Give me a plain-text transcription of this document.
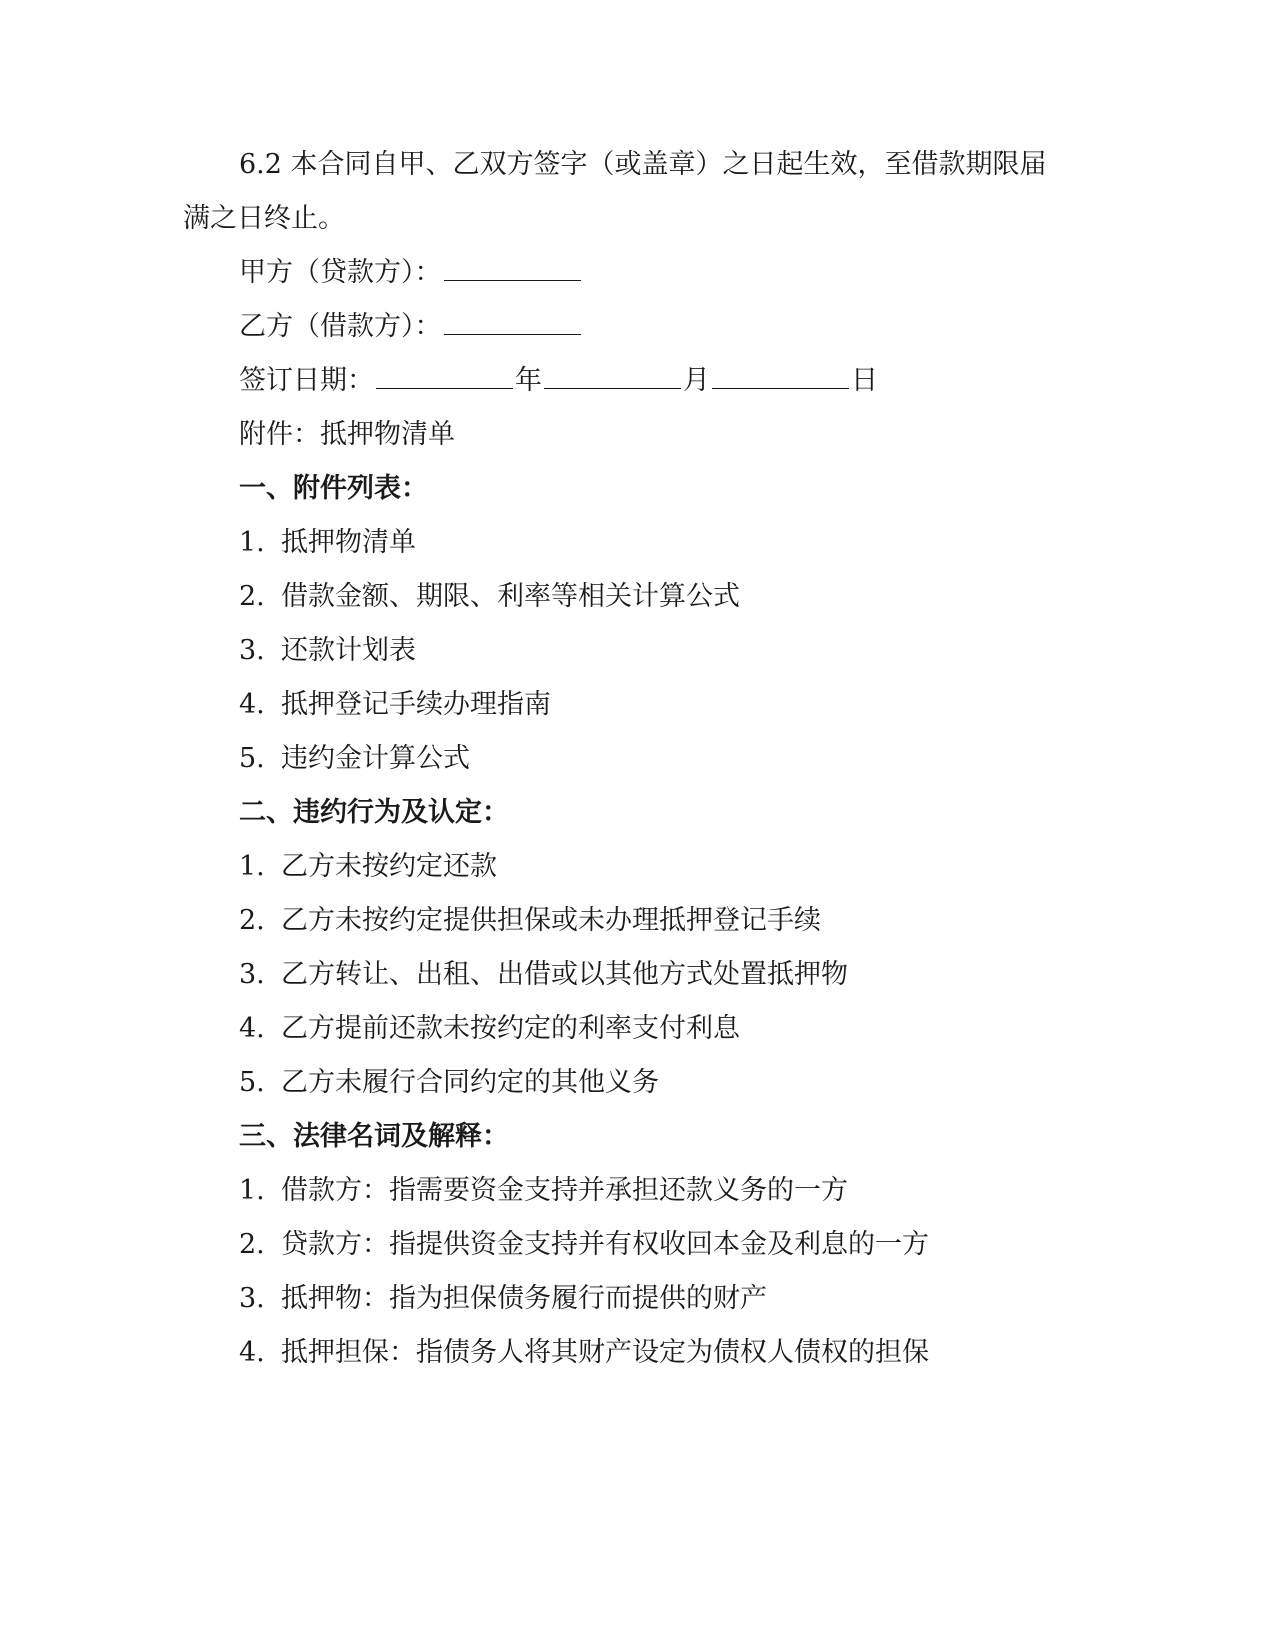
6.2 本合同自甲、乙双方签字（或盖章）之日起生效，至借款期限届满之日终止。

甲方（贷款方）：
乙方（借款方）：
签订日期：	年	月	日
附件：抵押物清单
一、附件列表：
1. 抵押物清单
2. 借款金额、期限、利率等相关计算公式
3. 还款计划表
4. 抵押登记手续办理指南
5. 违约金计算公式
二、违约行为及认定：
1. 乙方未按约定还款
2. 乙方未按约定提供担保或未办理抵押登记手续
3. 乙方转让、出租、出借或以其他方式处置抵押物
4. 乙方提前还款未按约定的利率支付利息
5. 乙方未履行合同约定的其他义务
三、法律名词及解释：
1. 借款方：指需要资金支持并承担还款义务的一方
2. 贷款方：指提供资金支持并有权收回本金及利息的一方
3. 抵押物：指为担保债务履行而提供的财产
4. 抵押担保：指债务人将其财产设定为债权人债权的担保
